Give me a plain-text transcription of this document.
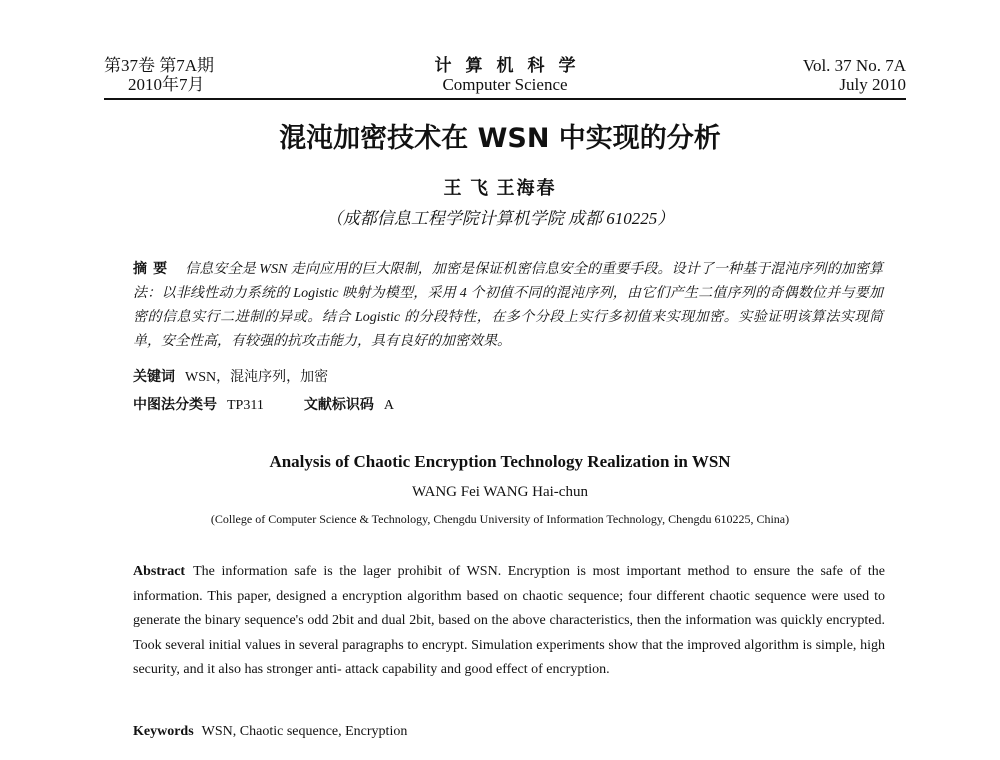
第37卷 第7A期
2010年7月
计算机科学
Computer Science
Vol. 37 No. 7A
July 2010
混沌加密技术在 WSN 中实现的分析
王 飞 王海春
（成都信息工程学院计算机学院 成都 610225）
摘要 信息安全是 WSN 走向应用的巨大限制，加密是保证机密信息安全的重要手段。设计了一种基于混沌序列的加密算法：以非线性动力系统的 Logistic 映射为模型，采用 4 个初值不同的混沌序列，由它们产生二值序列的奇偶数位并与要加密的信息实行二进制的异或。结合 Logistic 的分段特性，在多个分段上实行多初值来实现加密。实验证明该算法实现简单，安全性高，有较强的抗攻击能力，具有良好的加密效果。
关键词 WSN，混沌序列，加密
中图法分类号 TP311	文献标识码 A
Analysis of Chaotic Encryption Technology Realization in WSN
WANG Fei WANG Hai-chun
(College of Computer Science & Technology, Chengdu University of Information Technology, Chengdu 610225, China)
Abstract The information safe is the lager prohibit of WSN. Encryption is most important method to ensure the safe of the information. This paper, designed a encryption algorithm based on chaotic sequence; four different chaotic sequence were used to generate the binary sequence's odd 2bit and dual 2bit, based on the above characteristics, then the information was quickly encrypted. Took several initial values in several paragraphs to encrypt. Simulation experiments show that the improved algorithm is simple, high security, and it also has stronger anti- attack capability and good effect of encryption.
Keywords WSN, Chaotic sequence, Encryption
